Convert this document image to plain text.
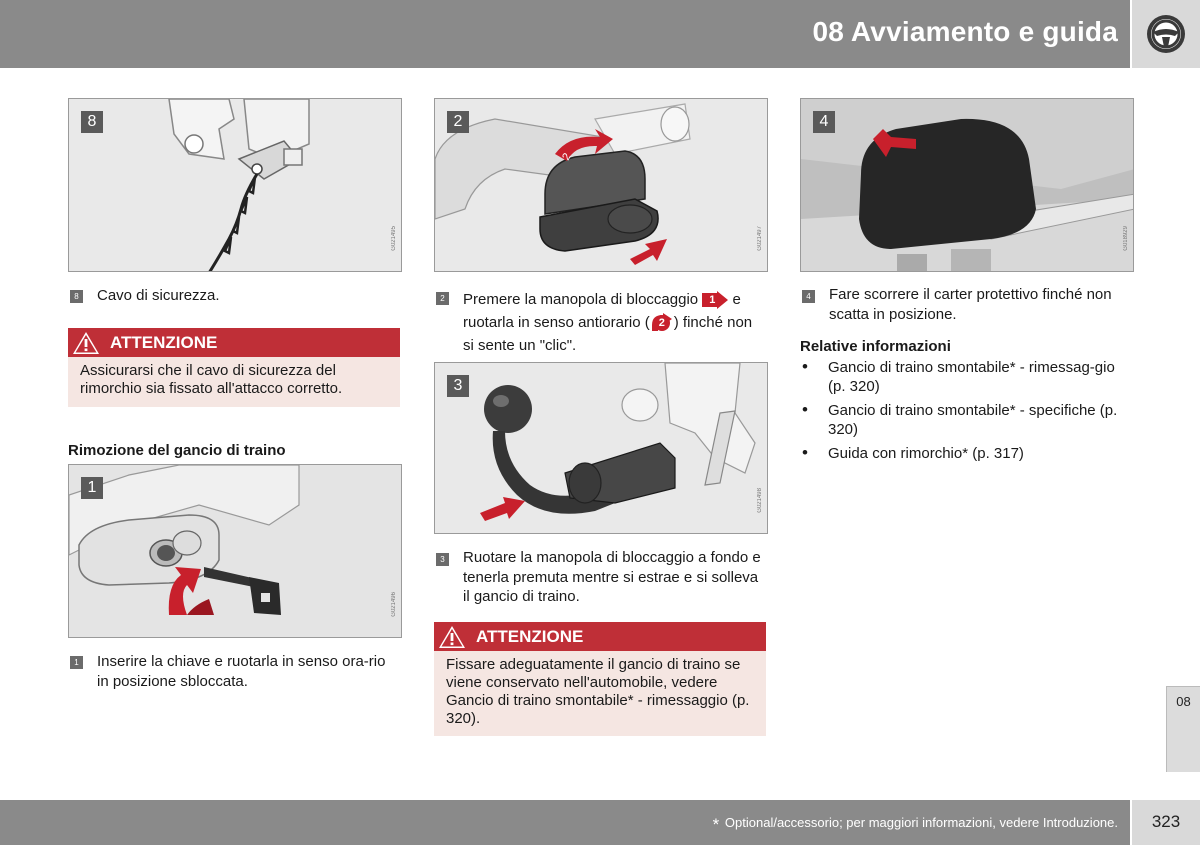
08 Avviamento e guida
8
G021495
8 Cavo di sicurezza.
ATTENZIONE
Assicurarsi che il cavo di sicurezza del rimorchio sia fissato all'attacco corretto.
Rimozione del gancio di traino
1
G021496
1 Inserire la chiave e ruotarla in senso ora-rio in posizione sbloccata.
2
2
G021497
2 Premere la manopola di bloccaggio 1 e ruotarla in senso antiorario ( 2 ) finché non si sente un "clic".
3
G021498
3 Ruotare la manopola di bloccaggio a fondo e tenerla premuta mentre si estrae e si solleva il gancio di traino.
ATTENZIONE
Fissare adeguatamente il gancio di traino se viene conservato nell'automobile, vedere Gancio di traino smontabile* - rimessaggio (p. 320).
4
G018929
4 Fare scorrere il carter protettivo finché non scatta in posizione.
Relative informazioni
• Gancio di traino smontabile* - rimessag-gio (p. 320)
• Gancio di traino smontabile* - specifiche (p. 320)
• Guida con rimorchio* (p. 317)
08
* Optional/accessorio; per maggiori informazioni, vedere Introduzione.	323
